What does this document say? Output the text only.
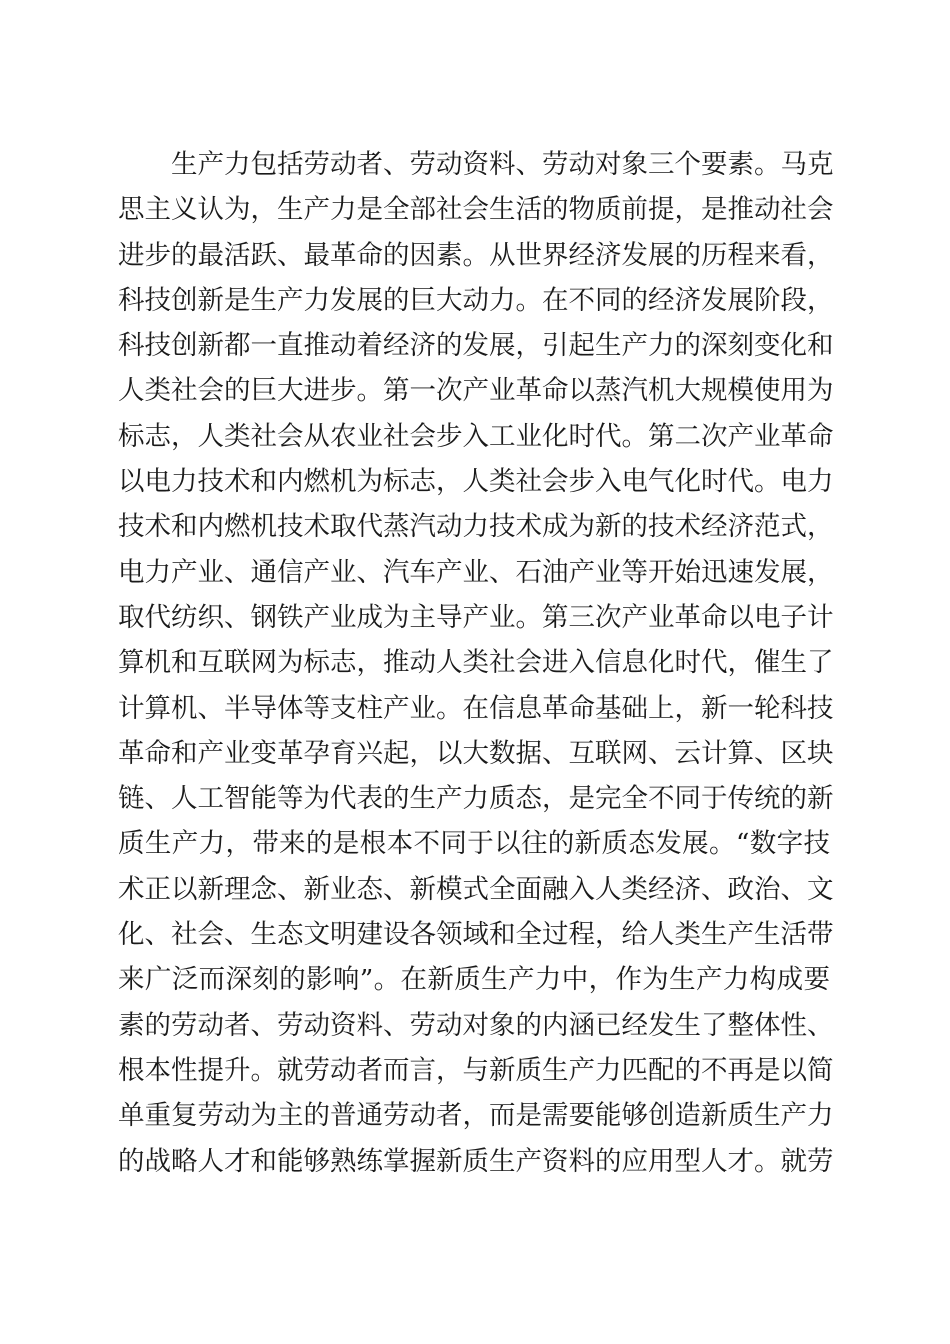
生产力包括劳动者、劳动资料、劳动对象三个要素。马克
思主义认为，生产力是全部社会生活的物质前提，是推动社会
进步的最活跃、最革命的因素。从世界经济发展的历程来看，
科技创新是生产力发展的巨大动力。在不同的经济发展阶段，
科技创新都一直推动着经济的发展，引起生产力的深刻变化和
人类社会的巨大进步。第一次产业革命以蒸汽机大规模使用为
标志，人类社会从农业社会步入工业化时代。第二次产业革命
以电力技术和内燃机为标志，人类社会步入电气化时代。电力
技术和内燃机技术取代蒸汽动力技术成为新的技术经济范式，
电力产业、通信产业、汽车产业、石油产业等开始迅速发展，
取代纺织、钢铁产业成为主导产业。第三次产业革命以电子计
算机和互联网为标志，推动人类社会进入信息化时代，催生了
计算机、半导体等支柱产业。在信息革命基础上，新一轮科技
革命和产业变革孕育兴起，以大数据、互联网、云计算、区块
链、人工智能等为代表的生产力质态，是完全不同于传统的新
质生产力，带来的是根本不同于以往的新质态发展。“数字技
术正以新理念、新业态、新模式全面融入人类经济、政治、文
化、社会、生态文明建设各领域和全过程，给人类生产生活带
来广泛而深刻的影响”。在新质生产力中，作为生产力构成要
素的劳动者、劳动资料、劳动对象的内涵已经发生了整体性、
根本性提升。就劳动者而言，与新质生产力匹配的不再是以简
单重复劳动为主的普通劳动者，而是需要能够创造新质生产力
的战略人才和能够熟练掌握新质生产资料的应用型人才。就劳
